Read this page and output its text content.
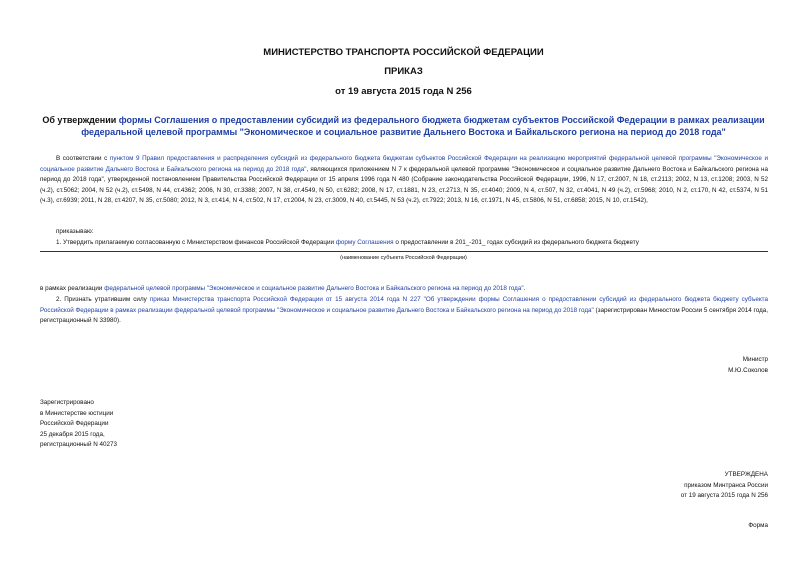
МИНИСТЕРСТВО ТРАНСПОРТА РОССИЙСКОЙ ФЕДЕРАЦИИ
ПРИКАЗ
от 19 августа 2015 года N 256
Об утверждении формы Соглашения о предоставлении субсидий из федерального бюджета бюджетам субъектов Российской Федерации в рамках реализации федеральной целевой программы "Экономическое и социальное развитие Дальнего Востока и Байкальского региона на период до 2018 года"
В соответствии с пунктом 9 Правил предоставления и распределения субсидий из федерального бюджета бюджетам субъектов Российской Федерации на реализацию мероприятий федеральной целевой программы "Экономическое и социальное развитие Дальнего Востока и Байкальского региона на период до 2018 года", являющихся приложением N 7 к федеральной целевой программе "Экономическое и социальное развитие Дальнего Востока и Байкальского региона на период до 2018 года", утвержденной постановлением Правительства Российской Федерации от 15 апреля 1996 года N 480 (Собрание законодательства Российской Федерации, 1996, N 17, ст.2007, N 18, ст.2113; 2002, N 13, ст.1208; 2003, N 52 (ч.2), ст.5062; 2004, N 52 (ч.2), ст.5498, N 44, ст.4362; 2006, N 30, ст.3388; 2007, N 38, ст.4549, N 50, ст.6282; 2008, N 17, ст.1881, N 23, ст.2713, N 35, ст.4040; 2009, N 4, ст.507, N 32, ст.4041, N 49 (ч.2), ст.5968; 2010, N 2, ст.170, N 42, ст.5374, N 51 (ч.3), ст.6939; 2011, N 28, ст.4207, N 35, ст.5080; 2012, N 3, ст.414, N 4, ст.502, N 17, ст.2004, N 23, ст.3009, N 40, ст.5445, N 53 (ч.2), ст.7922; 2013, N 16, ст.1971, N 45, ст.5806, N 51, ст.6858; 2015, N 10, ст.1542),
приказываю:
1. Утвердить прилагаемую согласованную с Министерством финансов Российской Федерации форму Соглашения о предоставлении в 201_-201_ годах субсидий из федерального бюджета бюджету
(наименование субъекта Российской Федерации)
в рамках реализации федеральной целевой программы "Экономическое и социальное развитие Дальнего Востока и Байкальского региона на период до 2018 года".
2. Признать утратившим силу приказ Министерства транспорта Российской Федерации от 15 августа 2014 года N 227 "Об утверждении формы Соглашения о предоставлении субсидий из федерального бюджета бюджету субъекта Российской Федерации в рамках реализации федеральной целевой программы "Экономическое и социальное развитие Дальнего Востока и Байкальского региона на период до 2018 года" (зарегистрирован Минюстом России 5 сентября 2014 года, регистрационный N 33980).
Министр
М.Ю.Соколов
Зарегистрировано
в Министерстве юстиции
Российской Федерации
25 декабря 2015 года,
регистрационный N 40273
УТВЕРЖДЕНА
приказом Минтранса России
от 19 августа 2015 года N 256
Форма
